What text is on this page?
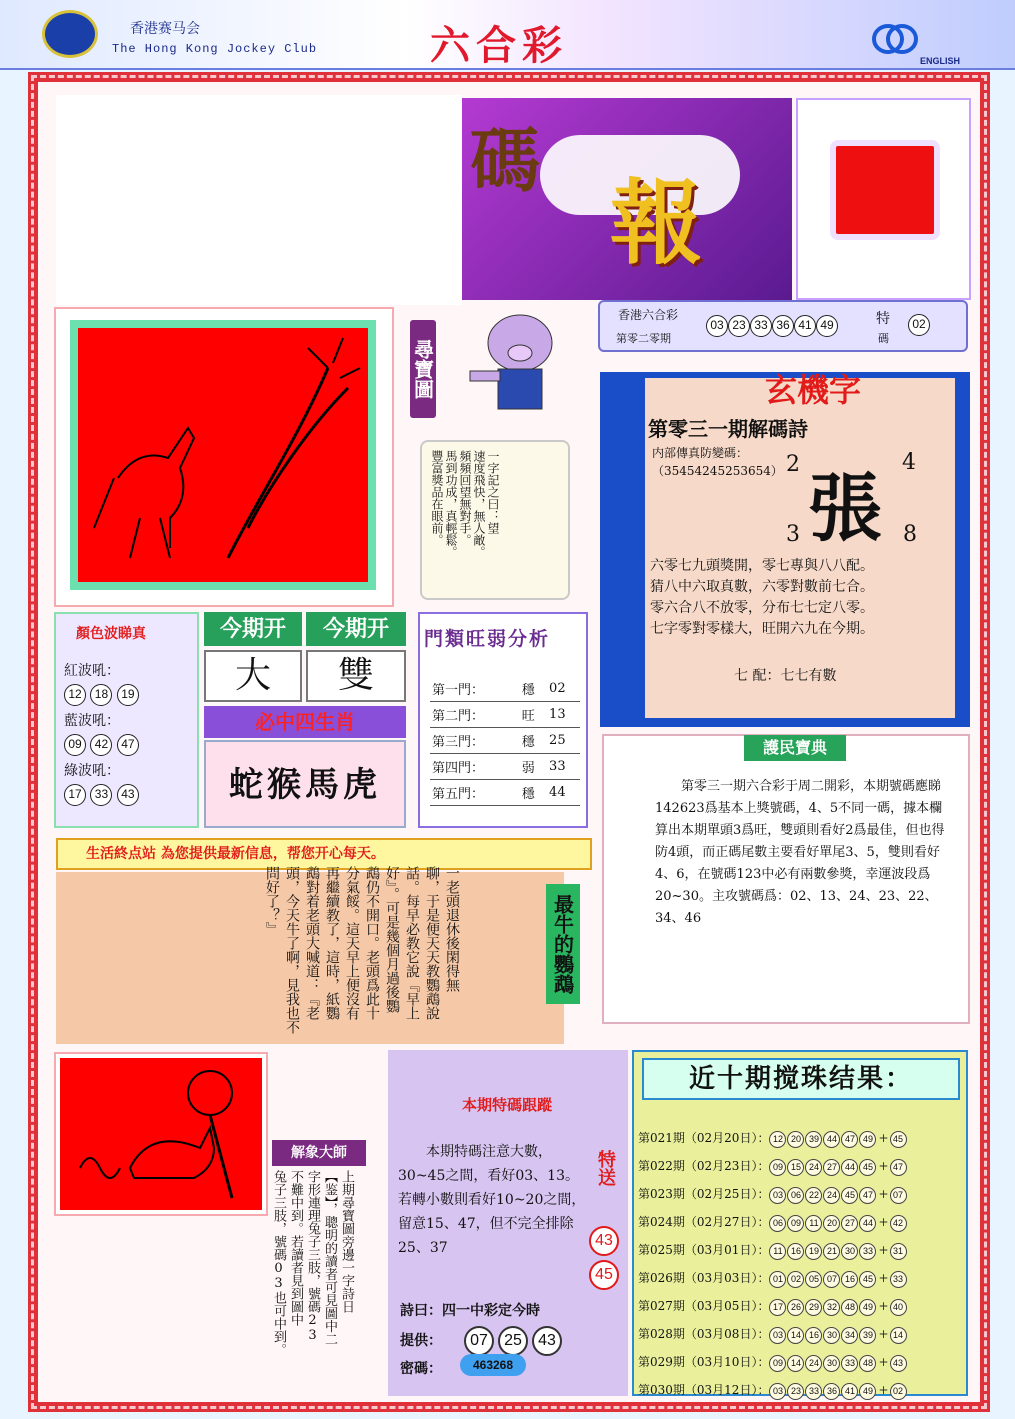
香港赛马会
The Hong Kong Jockey Club	六合彩	ENGLISH
碼
報
香港六合彩
第零二零期
03 23 33 36 41 49	特
碼
02
尋寶圖
一字記之曰：望
速度飛快，無人敵。
頻頻回望無對手。
馬到功成，真輕鬆。
豐富獎品在眼前。
玄機字
第零三一期解碼詩
内部傳真防變碼：
（3545424525365​4） 2	4
張
3	8
六零七九頭獎開，零七專與八八配。
猜八中六取真數，六零對數前七合。
零六合八不放零，分布七七定八零。
七字零對零樣大，旺開六九在今期。
七 配：七七有數
顏色波睇真
紅波吼：
12 18 19
藍波吼：
09 42 47
綠波吼：
17 33 43
今期开	今期开
大	雙
必中四生肖
蛇猴馬虎
門類旺弱分析
第一門：	穩	02
第二門：	旺	13
第三門：	穩	25
第四門：	弱	33
第五門：	穩	44
護民寶典
第零三一期六合彩于周二開彩，本期號碼應睇142623爲基本上獎號碼，4、5不同一碼，據本欄算出本期單頭3爲旺，雙頭則看好2爲最佳，但也得防4頭，而正碼尾數主要看好單尾3、5，雙則看好4、6，在號碼123中必有兩數參獎，幸運波段爲20~30。主攻號碼爲：02、13、24、23、22、34、46
生活終点站 為您提供最新信息，帮您开心每天。
一老頭退休後閑得無
聊，于是便天天教鸚鵡說
話。每早必教它說『早上
好』。可是幾個月過後鸚
鵡仍不開口。老頭爲此十
分氣餒。這天早上便沒有
再繼續教了，這時，紙鸚
鵡對着老頭大喊道：『老
頭，今天牛了啊，見我也不
問好了？』	最牛的鸚鵡
解象大師
上期尋寶圖旁邊一字詩日
【鉴】，聰明的讀者可見圖中二
字形連理兔子三肢，號碼23
不難中到。若讀者見到圖中
兔子三肢，號碼03也可中到。
本期特碼跟蹤
本期特碼注意大數，30~45之間，看好03、13。若轉小數則看好10~20之間，留意15、47，但不完全排除25、37
特送
43
45
詩曰：四一中彩定今時
提供：	07 25 43
密碼：	463268
近十期搅珠结果：
第021期（02月20日）： 12 20 39 44 47 49 + 45
第022期（02月23日）： 09 15 24 27 44 45 + 47
第023期（02月25日）： 03 06 22 24 45 47 + 07
第024期（02月27日）： 06 09 11 20 27 44 + 42
第025期（03月01日）： 11 16 19 21 30 33 + 31
第026期（03月03日）： 01 02 05 07 16 45 + 33
第027期（03月05日）： 17 26 29 32 48 49 + 40
第028期（03月08日）： 03 14 16 30 34 39 + 14
第029期（03月10日）： 09 14 24 30 33 48 + 43
第030期（03月12日）： 03 23 33 36 41 49 + 02
